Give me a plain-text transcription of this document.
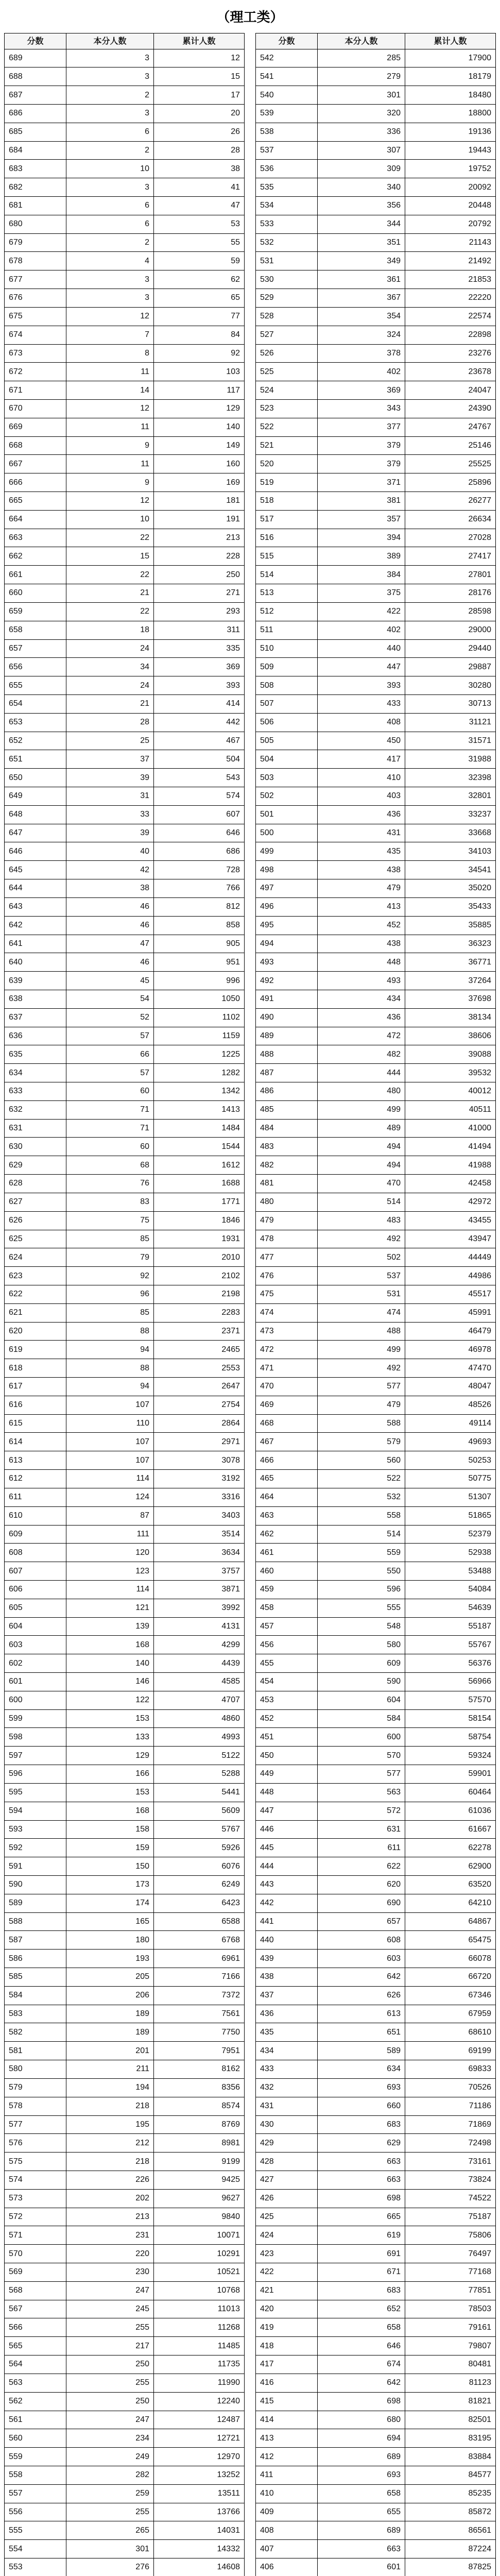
（理工类）
分数	本分人数	累计人数
689	3	12
688	3	15
687	2	17
686	3	20
685	6	26
684	2	28
683	10	38
682	3	41
681	6	47
680	6	53
679	2	55
678	4	59
677	3	62
676	3	65
675	12	77
674	7	84
673	8	92
672	11	103
671	14	117
670	12	129
669	11	140
668	9	149
667	11	160
666	9	169
665	12	181
664	10	191
663	22	213
662	15	228
661	22	250
660	21	271
659	22	293
658	18	311
657	24	335
656	34	369
655	24	393
654	21	414
653	28	442
652	25	467
651	37	504
650	39	543
649	31	574
648	33	607
647	39	646
646	40	686
645	42	728
644	38	766
643	46	812
642	46	858
641	47	905
640	46	951
639	45	996
638	54	1050
637	52	1102
636	57	1159
635	66	1225
634	57	1282
633	60	1342
632	71	1413
631	71	1484
630	60	1544
629	68	1612
628	76	1688
627	83	1771
626	75	1846
625	85	1931
624	79	2010
623	92	2102
622	96	2198
621	85	2283
620	88	2371
619	94	2465
618	88	2553
617	94	2647
616	107	2754
615	110	2864
614	107	2971
613	107	3078
612	114	3192
611	124	3316
610	87	3403
609	111	3514
608	120	3634
607	123	3757
606	114	3871
605	121	3992
604	139	4131
603	168	4299
602	140	4439
601	146	4585
600	122	4707
599	153	4860
598	133	4993
597	129	5122
596	166	5288
595	153	5441
594	168	5609
593	158	5767
592	159	5926
591	150	6076
590	173	6249
589	174	6423
588	165	6588
587	180	6768
586	193	6961
585	205	7166
584	206	7372
583	189	7561
582	189	7750
581	201	7951
580	211	8162
579	194	8356
578	218	8574
577	195	8769
576	212	8981
575	218	9199
574	226	9425
573	202	9627
572	213	9840
571	231	10071
570	220	10291
569	230	10521
568	247	10768
567	245	11013
566	255	11268
565	217	11485
564	250	11735
563	255	11990
562	250	12240
561	247	12487
560	234	12721
559	249	12970
558	282	13252
557	259	13511
556	255	13766
555	265	14031
554	301	14332
553	276	14608

分数	本分人数	累计人数
542	285	17900
541	279	18179
540	301	18480
539	320	18800
538	336	19136
537	307	19443
536	309	19752
535	340	20092
534	356	20448
533	344	20792
532	351	21143
531	349	21492
530	361	21853
529	367	22220
528	354	22574
527	324	22898
526	378	23276
525	402	23678
524	369	24047
523	343	24390
522	377	24767
521	379	25146
520	379	25525
519	371	25896
518	381	26277
517	357	26634
516	394	27028
515	389	27417
514	384	27801
513	375	28176
512	422	28598
511	402	29000
510	440	29440
509	447	29887
508	393	30280
507	433	30713
506	408	31121
505	450	31571
504	417	31988
503	410	32398
502	403	32801
501	436	33237
500	431	33668
499	435	34103
498	438	34541
497	479	35020
496	413	35433
495	452	35885
494	438	36323
493	448	36771
492	493	37264
491	434	37698
490	436	38134
489	472	38606
488	482	39088
487	444	39532
486	480	40012
485	499	40511
484	489	41000
483	494	41494
482	494	41988
481	470	42458
480	514	42972
479	483	43455
478	492	43947
477	502	44449
476	537	44986
475	531	45517
474	474	45991
473	488	46479
472	499	46978
471	492	47470
470	577	48047
469	479	48526
468	588	49114
467	579	49693
466	560	50253
465	522	50775
464	532	51307
463	558	51865
462	514	52379
461	559	52938
460	550	53488
459	596	54084
458	555	54639
457	548	55187
456	580	55767
455	609	56376
454	590	56966
453	604	57570
452	584	58154
451	600	58754
450	570	59324
449	577	59901
448	563	60464
447	572	61036
446	631	61667
445	611	62278
444	622	62900
443	620	63520
442	690	64210
441	657	64867
440	608	65475
439	603	66078
438	642	66720
437	626	67346
436	613	67959
435	651	68610
434	589	69199
433	634	69833
432	693	70526
431	660	71186
430	683	71869
429	629	72498
428	663	73161
427	663	73824
426	698	74522
425	665	75187
424	619	75806
423	691	76497
422	671	77168
421	683	77851
420	652	78503
419	658	79161
418	646	79807
417	674	80481
416	642	81123
415	698	81821
414	680	82501
413	694	83195
412	689	83884
411	693	84577
410	658	85235
409	655	85872
408	689	86561
407	663	87224
406	601	87825
